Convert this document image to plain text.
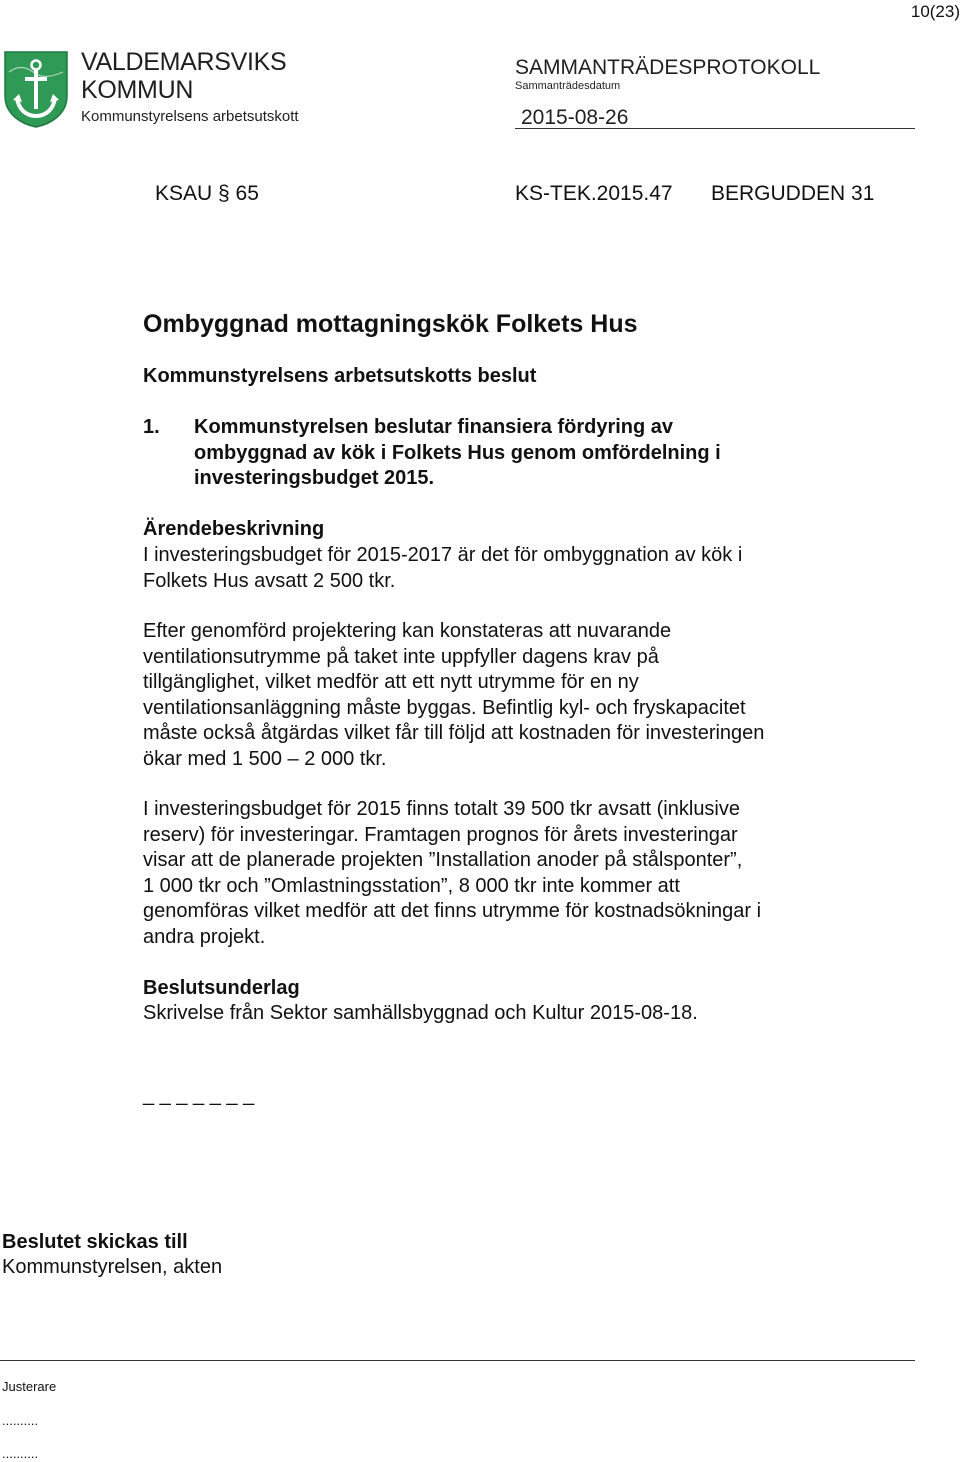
10(23)
VALDEMARSVIKS
KOMMUN
Kommunstyrelsens arbetsutskott
SAMMANTRÄDESPROTOKOLL
Sammanträdesdatum
2015-08-26
KSAU § 65	KS-TEK.2015.47 BERGUDDEN 31
Ombyggnad mottagningskök Folkets Hus
Kommunstyrelsens arbetsutskotts beslut
1. Kommunstyrelsen beslutar finansiera fördyring av
ombyggnad av kök i Folkets Hus genom omfördelning i
investeringsbudget 2015.
Ärendebeskrivning
I investeringsbudget för 2015-2017 är det för ombyggnation av kök i
Folkets Hus avsatt 2 500 tkr.
Efter genomförd projektering kan konstateras att nuvarande
ventilationsutrymme på taket inte uppfyller dagens krav på
tillgänglighet, vilket medför att ett nytt utrymme för en ny
ventilationsanläggning måste byggas. Befintlig kyl- och fryskapacitet
måste också åtgärdas vilket får till följd att kostnaden för investeringen
ökar med 1 500 – 2 000 tkr.
I investeringsbudget för 2015 finns totalt 39 500 tkr avsatt (inklusive
reserv) för investeringar. Framtagen prognos för årets investeringar
visar att de planerade projekten ”Installation anoder på stålsponter”,
1 000 tkr och ”Omlastningsstation”, 8 000 tkr inte kommer att
genomföras vilket medför att det finns utrymme för kostnadsökningar i
andra projekt.
Beslutsunderlag
Skrivelse från Sektor samhällsbyggnad och Kultur 2015-08-18.
_ _ _ _ _ _ _
Beslutet skickas till
Kommunstyrelsen, akten
Justerare
..........
..........
